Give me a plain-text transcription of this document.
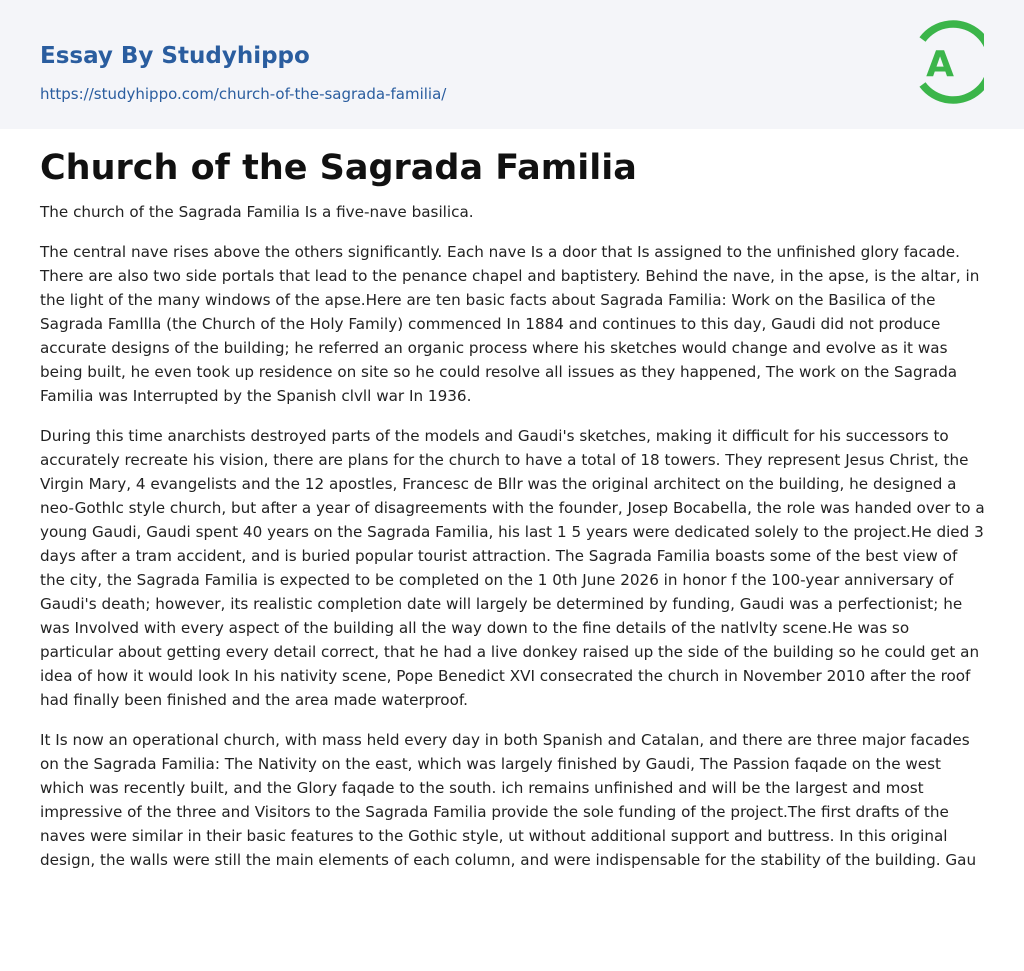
Essay By Studyhippo
https://studyhippo.com/church-of-the-sagrada-familia/
A
Church of the Sagrada Familia

The church of the Sagrada Familia Is a five-nave basilica.

The central nave rises above the others significantly. Each nave Is a door that Is assigned to the unfinished glory facade. There are also two side portals that lead to the penance chapel and baptistery. Behind the nave, in the apse, is the altar, in the light of the many windows of the apse.Here are ten basic facts about Sagrada Familia: Work on the Basilica of the Sagrada Famllla (the Church of the Holy Family) commenced In 1884 and continues to this day, Gaudi did not produce accurate designs of the building; he referred an organic process where his sketches would change and evolve as it was being built, he even took up residence on site so he could resolve all issues as they happened, The work on the Sagrada Familia was Interrupted by the Spanish clvll war In 1936.

During this time anarchists destroyed parts of the models and Gaudi's sketches, making it difficult for his successors to accurately recreate his vision, there are plans for the church to have a total of 18 towers. They represent Jesus Christ, the Virgin Mary, 4 evangelists and the 12 apostles, Francesc de Bllr was the original architect on the building, he designed a neo-Gothlc style church, but after a year of disagreements with the founder, Josep Bocabella, the role was handed over to a young Gaudi, Gaudi spent 40 years on the Sagrada Familia, his last 1 5 years were dedicated solely to the project.He died 3 days after a tram accident, and is buried popular tourist attraction. The Sagrada Familia boasts some of the best view of the city, the Sagrada Familia is expected to be completed on the 1 0th June 2026 in honor f the 100-year anniversary of Gaudi's death; however, its realistic completion date will largely be determined by funding, Gaudi was a perfectionist; he was Involved with every aspect of the building all the way down to the fine details of the natlvlty scene.He was so particular about getting every detail correct, that he had a live donkey raised up the side of the building so he could get an idea of how it would look In his nativity scene, Pope Benedict XVI consecrated the church in November 2010 after the roof had finally been finished and the area made waterproof.

It Is now an operational church, with mass held every day in both Spanish and Catalan, and there are three major facades on the Sagrada Familia: The Nativity on the east, which was largely finished by Gaudi, The Passion faqade on the west which was recently built, and the Glory faqade to the south. ich remains unfinished and will be the largest and most impressive of the three and Visitors to the Sagrada Familia provide the sole funding of the project.The first drafts of the naves were similar in their basic features to the Gothic style, ut without additional support and buttress. In this original design, the walls were still the main elements of each column, and were indispensable for the stability of the building. Gau
